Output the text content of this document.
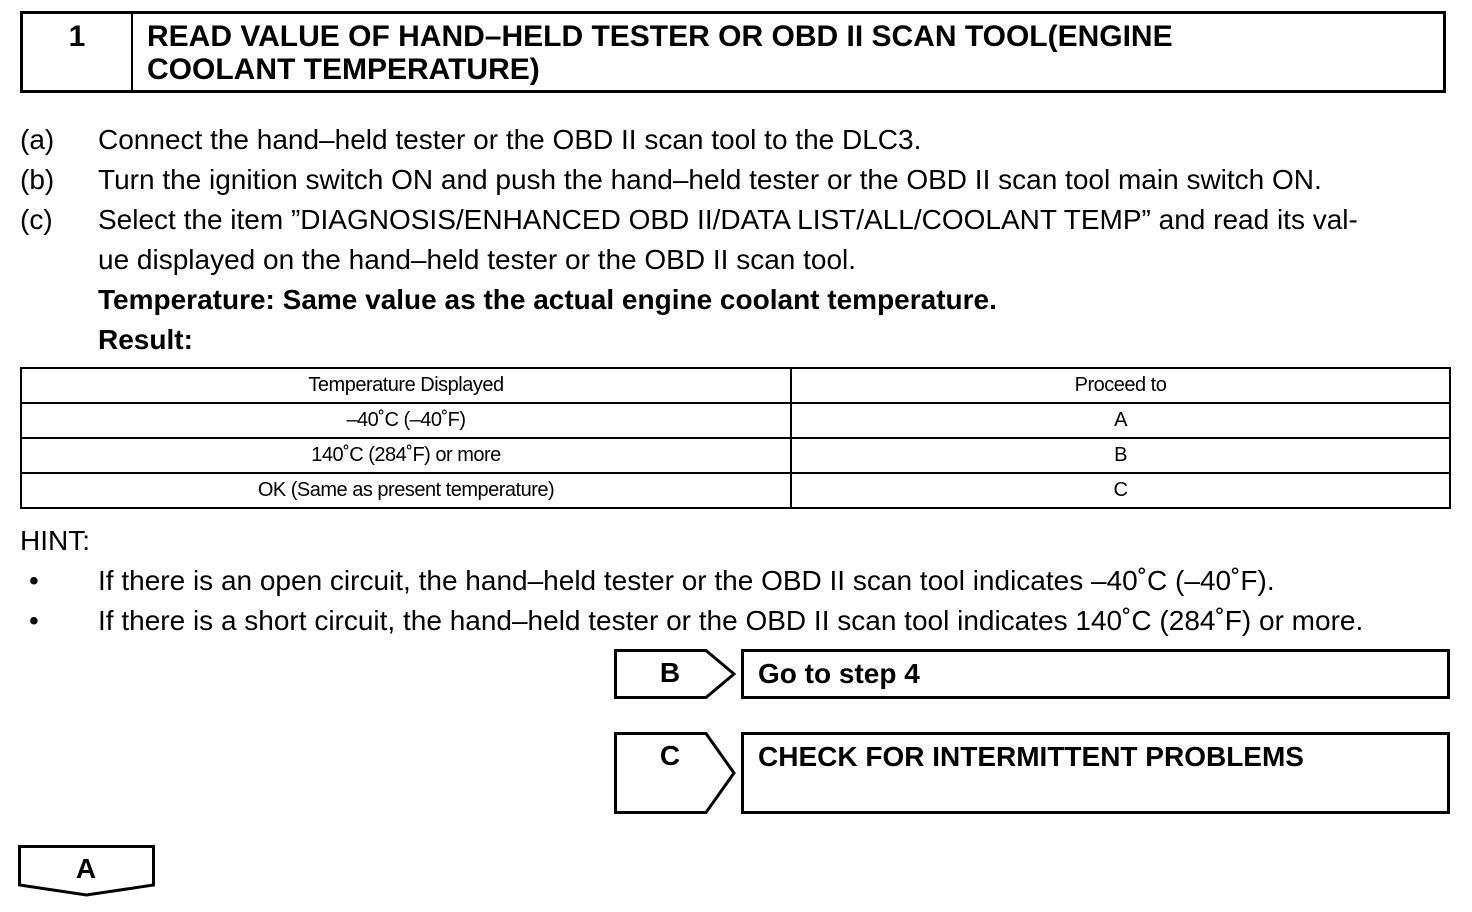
1	READ VALUE OF HAND–HELD TESTER OR OBD II SCAN TOOL(ENGINE
COOLANT TEMPERATURE)
(a) Connect the hand–held tester or the OBD II scan tool to the DLC3.
(b) Turn the ignition switch ON and push the hand–held tester or the OBD II scan tool main switch ON.
(c) Select the item ”DIAGNOSIS/ENHANCED OBD II/DATA LIST/ALL/COOLANT TEMP” and read its val-
ue displayed on the hand–held tester or the OBD II scan tool.
Temperature: Same value as the actual engine coolant temperature.
Result:
Temperature Displayed	Proceed to
–40˚C (–40˚F)	A
140˚C (284˚F) or more	B
OK (Same as present temperature)	C
HINT:
• If there is an open circuit, the hand–held tester or the OBD II scan tool indicates –40˚C (–40˚F).
• If there is a short circuit, the hand–held tester or the OBD II scan tool indicates 140˚C (284˚F) or more.
B	Go to step 4
C	CHECK FOR INTERMITTENT PROBLEMS
A
